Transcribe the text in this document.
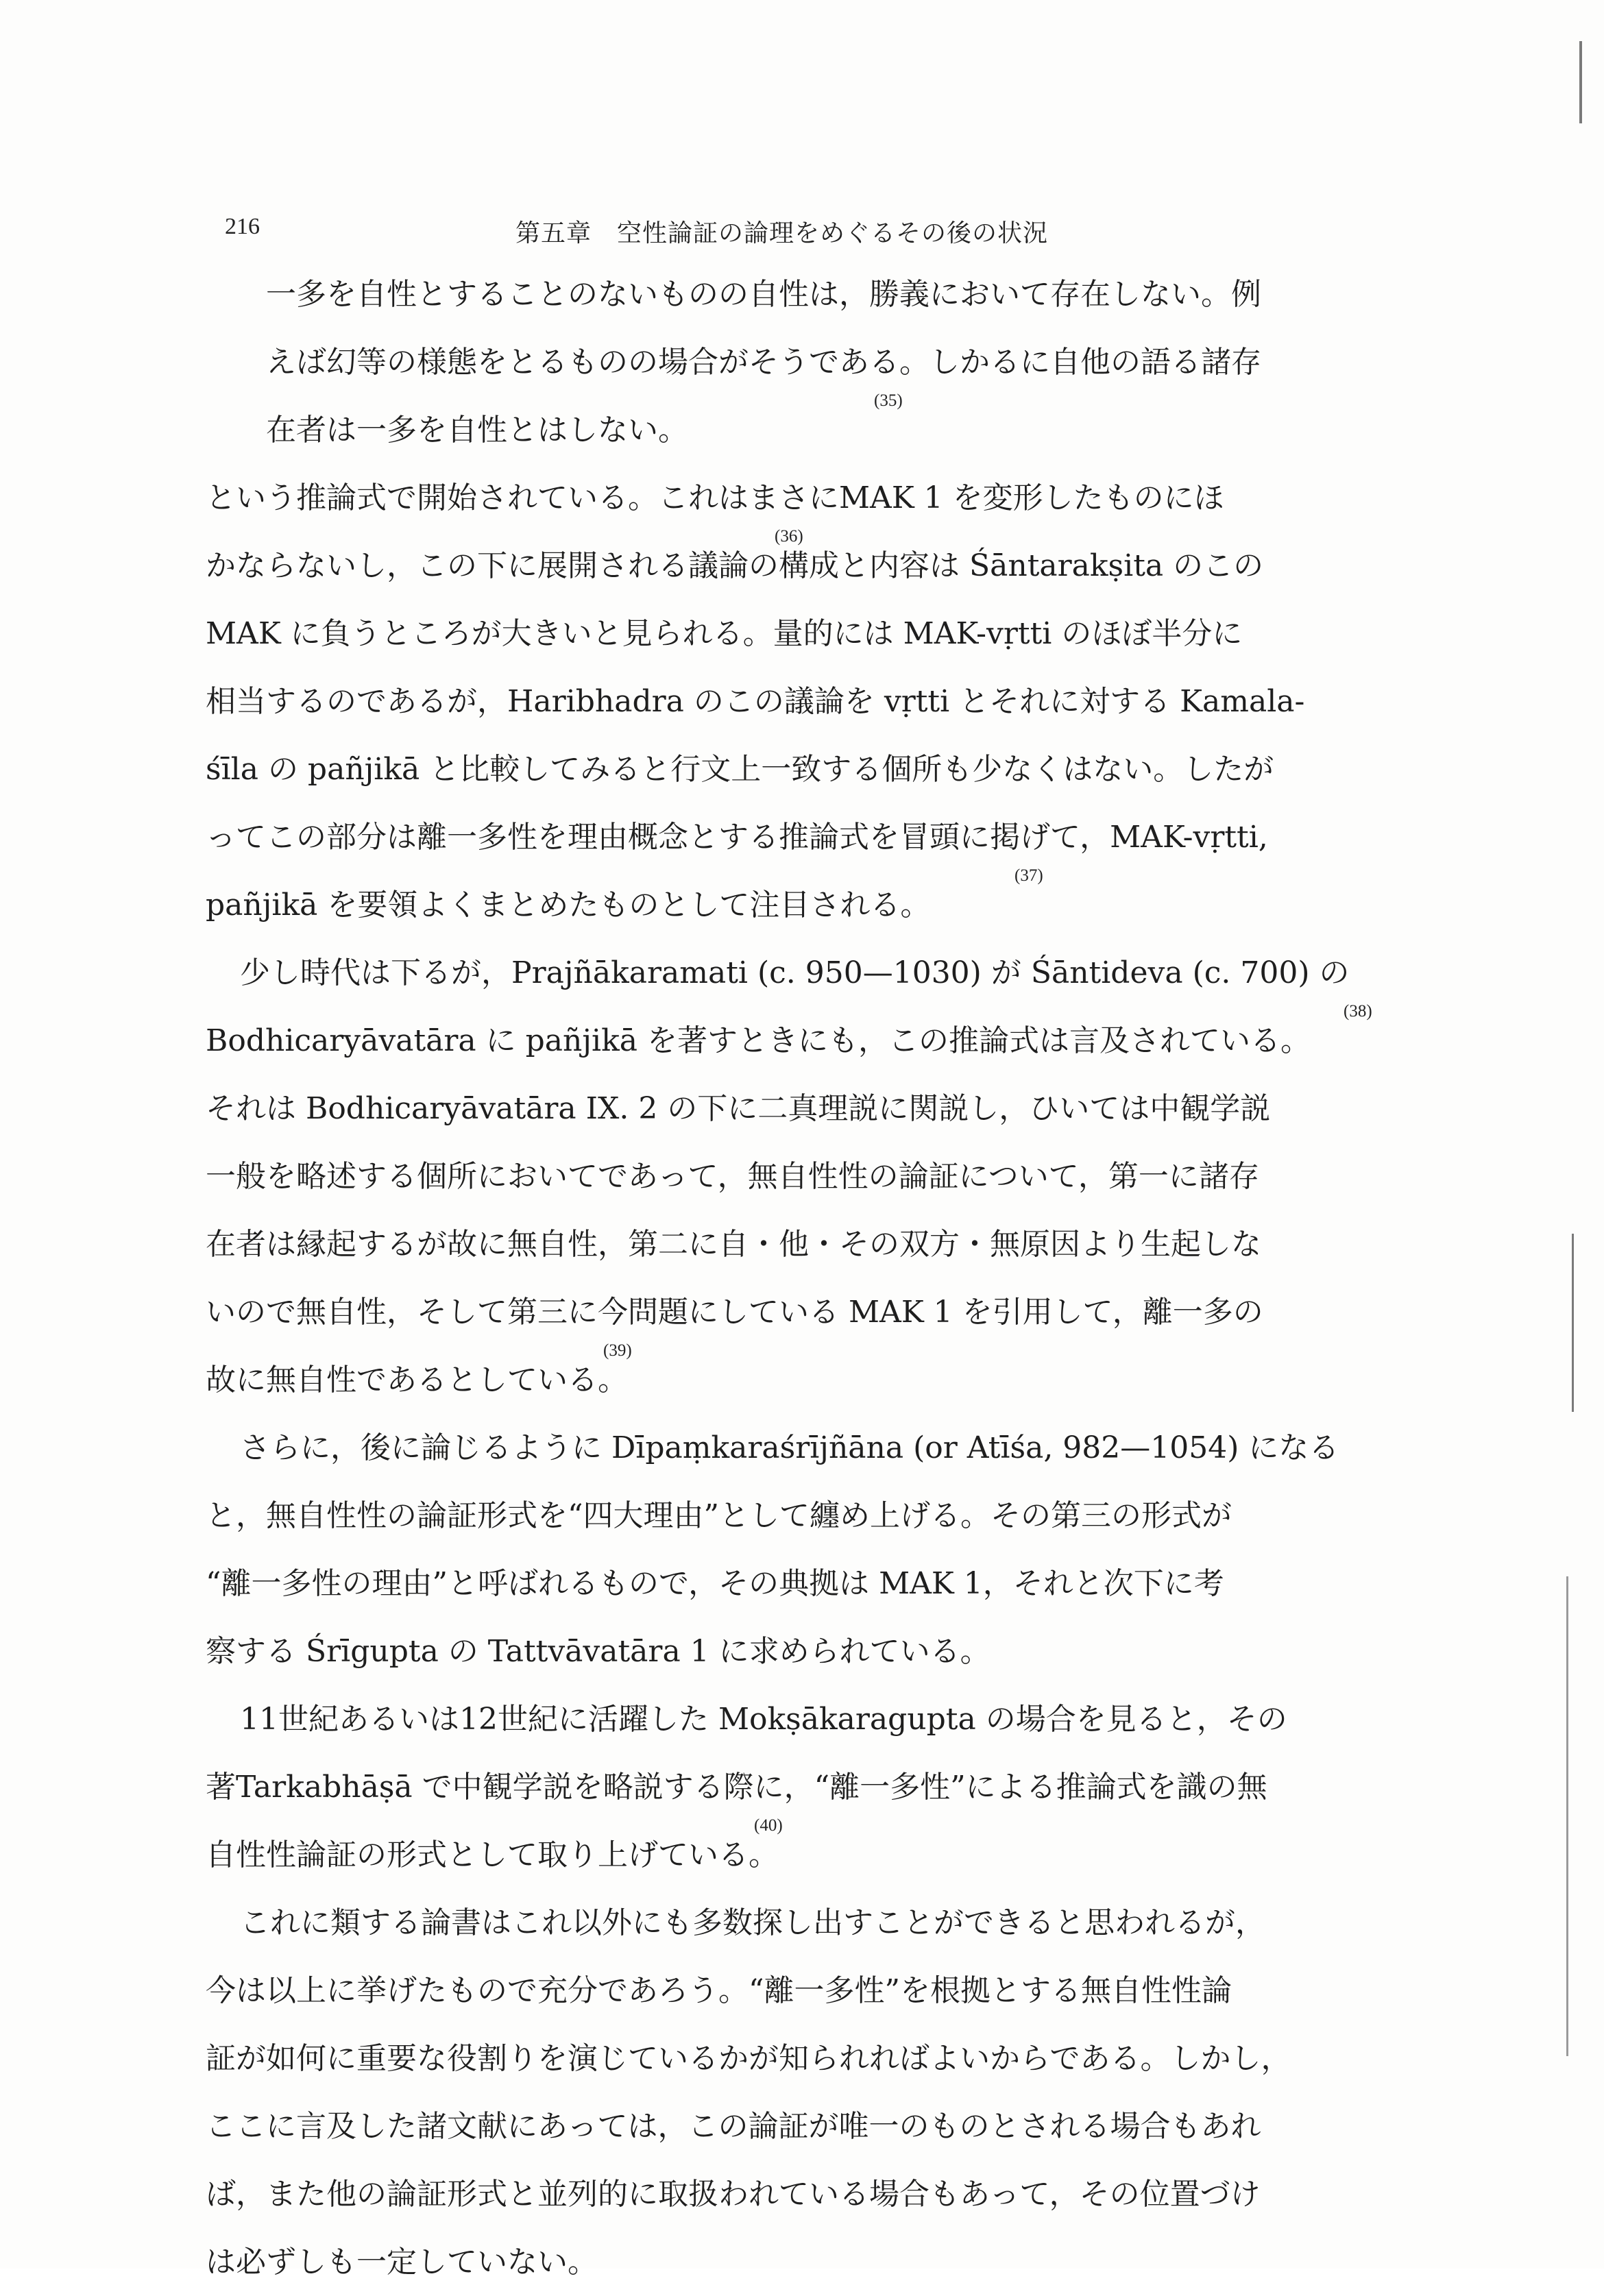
216	第五章　空性論証の論理をめぐるその後の状況
一多を自性とすることのないものの自性は，勝義において存在しない。例
えば幻等の様態をとるものの場合がそうである。しかるに自他の語る諸存
在者は一多を自性とはしない。
(35)
という推論式で開始されている。これはまさにMAK 1 を変形したものにほ
かならないし，この下に展開される議論の構成と内容は Śāntarakṣita のこの
(36)
MAK に負うところが大きいと見られる。量的には MAK-vṛtti のほぼ半分に
相当するのであるが，Haribhadra のこの議論を vṛtti とそれに対する Kamala-
śīla の pañjikā と比較してみると行文上一致する個所も少なくはない。したが
ってこの部分は離一多性を理由概念とする推論式を冒頭に掲げて，MAK-vṛtti,
pañjikā を要領よくまとめたものとして注目される。
(37)
少し時代は下るが，Prajñākaramati (c. 950—1030) が Śāntideva (c. 700) の
Bodhicaryāvatāra に pañjikā を著すときにも，この推論式は言及されている。
(38)
それは Bodhicaryāvatāra IX. 2 の下に二真理説に関説し，ひいては中観学説
一般を略述する個所においてであって，無自性性の論証について，第一に諸存
在者は縁起するが故に無自性，第二に自・他・その双方・無原因より生起しな
いので無自性，そして第三に今問題にしている MAK 1 を引用して，離一多の
故に無自性であるとしている。
(39)
さらに，後に論じるように Dīpaṃkaraśrījñāna (or Atīśa, 982—1054) になる
と，無自性性の論証形式を“四大理由”として纏め上げる。その第三の形式が
“離一多性の理由”と呼ばれるもので，その典拠は MAK 1，それと次下に考
察する Śrīgupta の Tattvāvatāra 1 に求められている。
11世紀あるいは12世紀に活躍した Mokṣākaragupta の場合を見ると，その
著Tarkabhāṣā で中観学説を略説する際に，“離一多性”による推論式を識の無
自性性論証の形式として取り上げている。
(40)
これに類する論書はこれ以外にも多数探し出すことができると思われるが，
今は以上に挙げたもので充分であろう。“離一多性”を根拠とする無自性性論
証が如何に重要な役割りを演じているかが知られればよいからである。しかし，
ここに言及した諸文献にあっては，この論証が唯一のものとされる場合もあれ
ば，また他の論証形式と並列的に取扱われている場合もあって，その位置づけ
は必ずしも一定していない。
